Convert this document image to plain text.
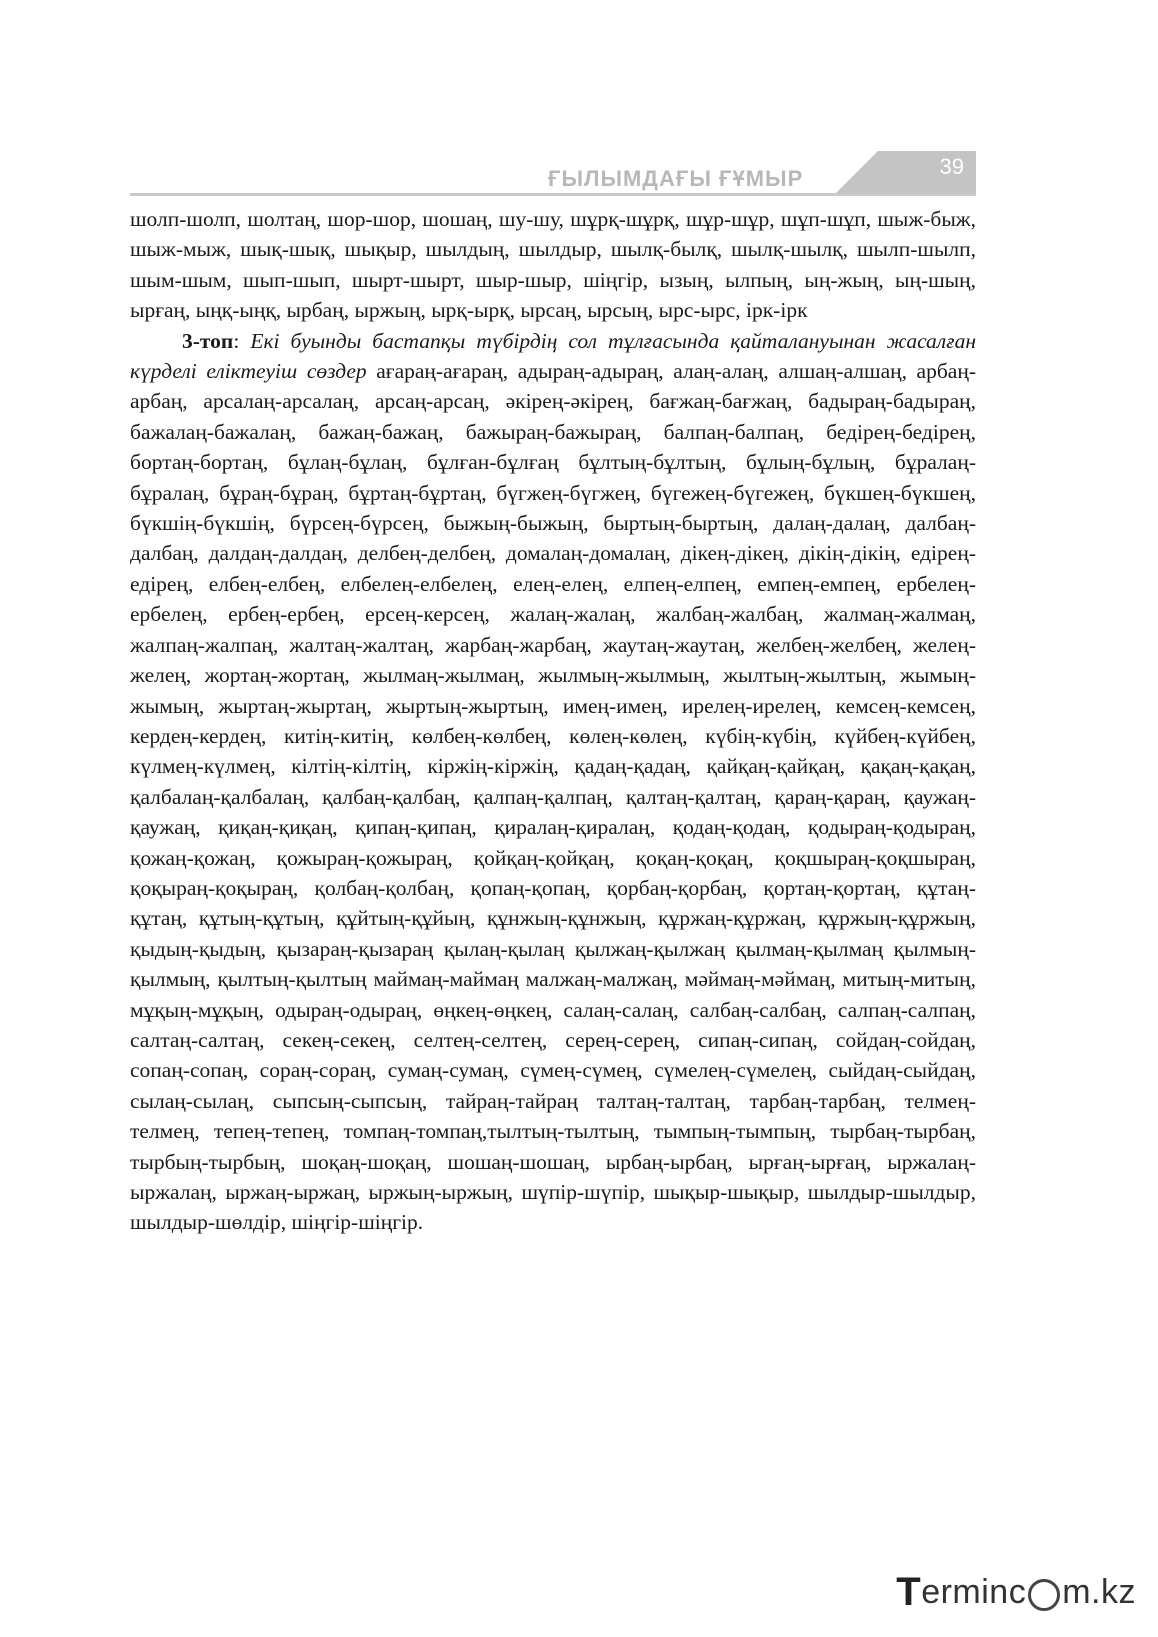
ҒЫЛЫМДАҒЫ ҒҰМЫР	39

шолп-шолп, шолтаң, шор-шор, шошаң, шу-шу, шұрқ-шұрқ, шұр-шұр, шұп-шұп, шыж-быж, шыж-мыж, шық-шық, шықыр, шылдың, шылдыр, шылқ-былқ, шылқ-шылқ, шылп-шылп, шым-шым, шып-шып, шырт-шырт, шыр-шыр, шіңгір, ызың, ылпың, ың-жың, ың-шың, ырғаң, ыңқ-ыңқ, ырбаң, ыржың, ырқ-ырқ, ырсаң, ырсың, ырс-ырс, ірк-ірк

3-топ: Екі буынды бастапқы түбірдің сол тұлғасында қайталануынан жасалған күрделі еліктеуіш сөздер ағараң-ағараң, адыраң-адыраң, алаң-алаң, алшаң-алшаң, арбаң-арбаң, арсалаң-арсалаң, арсаң-арсаң, әкірең-әкірең, бағжаң-бағжаң, бадыраң-бадыраң, бажалаң-бажалаң, бажаң-бажаң, бажыраң-бажыраң, балпаң-балпаң, бедірең-бедірең, бортаң-бортаң, бұлаң-бұлаң, бұлған-бұлғаң бұлтың-бұлтың, бұлың-бұлың, бұралаң-бұралаң, бұраң-бұраң, бұртаң-бұртаң, бүгжең-бүгжең, бүгежең-бүгежең, бүкшең-бүкшең, бүкшің-бүкшің, бүрсең-бүрсең, быжың-быжың, быртың-быртың, далаң-далаң, далбаң-далбаң, далдаң-далдаң, делбең-делбең, домалаң-домалаң, дікең-дікең, дікің-дікің, едірең-едірең, елбең-елбең, елбелең-елбелең, елең-елең, елпең-елпең, емпең-емпең, ербелең-ербелең, ербең-ербең, ерсең-керсең, жалаң-жалаң, жалбаң-жалбаң, жалмаң-жалмаң, жалпаң-жалпаң, жалтаң-жалтаң, жарбаң-жарбаң, жаутаң-жаутаң, желбең-желбең, желең-желең, жортаң-жортаң, жылмаң-жылмаң, жылмың-жылмың, жылтың-жылтың, жымың-жымың, жыртаң-жыртаң, жыртың-жыртың, имең-имең, ирелең-ирелең, кемсең-кемсең, кердең-кердең, китің-китің, көлбең-көлбең, көлең-көлең, күбің-күбің, күйбең-күйбең, күлмең-күлмең, кілтің-кілтің, кіржің-кіржің, қадаң-қадаң, қайқаң-қайқаң, қақаң-қақаң, қалбалаң-қалбалаң, қалбаң-қалбаң, қалпаң-қалпаң, қалтаң-қалтаң, қараң-қараң, қаужаң-қаужаң, қиқаң-қиқаң, қипаң-қипаң, қиралаң-қиралаң, қодаң-қодаң, қодыраң-қодыраң, қожаң-қожаң, қожыраң-қожыраң, қойқаң-қойқаң, қоқаң-қоқаң, қоқшыраң-қоқшыраң, қоқыраң-қоқыраң, қолбаң-қолбаң, қопаң-қопаң, қорбаң-қорбаң, қортаң-қортаң, құтаң-құтаң, құтың-құтың, құйтың-құйың, құнжың-құнжың, құржаң-құржаң, құржың-құржың, қыдың-қыдың, қызараң-қызараң қылаң-қылаң қылжаң-қылжаң қылмаң-қылмаң қылмың-қылмың, қылтың-қылтың маймаң-маймаң малжаң-малжаң, мәймаң-мәймаң, митың-митың, мұқың-мұқың, одыраң-одыраң, өңкең-өңкең, салаң-салаң, салбаң-салбаң, салпаң-салпаң, салтаң-салтаң, секең-секең, селтең-селтең, серең-серең, сипаң-сипаң, сойдаң-сойдаң, сопаң-сопаң, сораң-сораң, сумаң-сумаң, сүмең-сүмең, сүмелең-сүмелең, сыйдаң-сыйдаң, сылаң-сылаң, сыпсың-сыпсың, тайраң-тайраң талтаң-талтаң, тарбаң-тарбаң, телмең-телмең, тепең-тепең, томпаң-томпаң,тылтың-тылтың, тымпың-тымпың, тырбаң-тырбаң, тырбың-тырбың, шоқаң-шоқаң, шошаң-шошаң, ырбаң-ырбаң, ырғаң-ырғаң, ыржалаң-ыржалаң, ыржаң-ыржаң, ыржың-ыржың, шүпір-шүпір, шықыр-шықыр, шылдыр-шылдыр, шылдыр-шөлдір, шіңгір-шіңгір.

T erminc m.kz
